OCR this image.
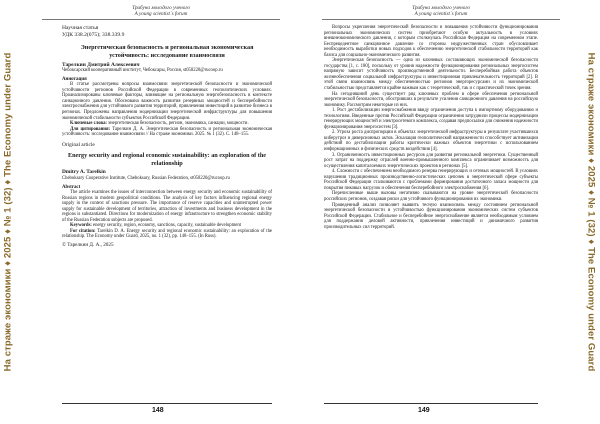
На страже экономики ♦ 2025 ♦ № 1 (32) ♦ The Economy under Guard	На страже экономики ♦ 2025 ♦ № 1 (32) ♦ The Economy under Guard
Трибуна молодого ученого
A young scientist`s forum
Научная статья
УДК 338.2(075); 338.339.9
Энергетическая безопасность и региональная экономическая устойчивость: исследование взаимосвязи
Тарелкин Дмитрий Алексеевич
Чебоксарский кооперативный институт, Чебоксары, Россия, st058220@rucoop.ru
Аннотация
В статье рассмотрены вопросы взаимосвязи энергетической безопасности и экономической устойчивости регионов Российской Федерации в современных геополитических условиях. Проанализированы ключевые факторы, влияющие на региональную энергобезопасность в контексте санкционного давления. Обоснована важность развития резервных мощностей и бесперебойности электроснабжения для устойчивого развития территорий, привлечения инвестиций в развитие бизнеса в регионах. Предложены направления модернизации энергетической инфраструктуры для повышения экономической стабильности субъектов Российской Федерации.
Ключевые слова: энергетическая безопасность, регион, экономика, санкции, мощности.
Для цитирования: Тарелкин Д. А. Энергетическая безопасность и региональная экономическая устойчивость: исследование взаимосвязи // На страже экономики. 2025. № 1 (32). С. 148–155.
Original article
Energy security and regional economic sustainability: an exploration of the relationship
Dmitry A. Tarelkin
Cheboksary Cooperative Institute, Cheboksary, Russian Federation, st058220@rucoop.ru
Abstract
The article examines the issues of interconnection between energy security and economic sustainability of Russian regions in modern geopolitical conditions. The analysis of key factors influencing regional energy supply in the context of sanctions pressure. The importance of reserve capacities and uninterrupted power supply for sustainable development of territories, attraction of investments and business development in the regions is substantiated. Directions for modernization of energy infrastructure to strengthen economic stability of the Russian Federation subjects are proposed.
Keywords: energy security, region, economy, sanctions, capacity, sustainable development
For citation: Tarelkin D. A. Energy security and regional economic sustainability: an exploration of the relationship. The Economy under Guard, 2025, no. 1 (32), pp. 148–155. (In Russ).
© Тарелкин Д. А., 2025
148
Трибуна молодого ученого
A young scientist`s forum
Вопросы укрепления энергетической безопасности и повышения устойчивости функционирования региональных экономических систем приобретают особую актуальность в условиях внешнеэкономического давления, с которым столкнулась Российская Федерация на современном этапе. Беспрецедентное санкционное давление со стороны недружественных стран обусловливает необходимость выработки новых подходов к обеспечению энергетической стабильности территорий как базиса для социально-экономического развития.
Энергетическая безопасность — одна из ключевых составляющих экономической безопасности государства [1, с. 180], поскольку от уровня надежности функционирования региональных энергосистем напрямую зависит устойчивость производственной деятельности. Бесперебойная работа объектов жизнеобеспечения социальной инфраструктуры и инвестиционная привлекательность территорий [2]. В этой связи взаимосвязь между обеспеченностью регионов энергоресурсами и их экономической стабильностью представляется крайне важным как с теоретической, так и с практической точек зрения.
На сегодняшний день существует ряд ключевых проблем в сфере обеспечения региональной энергетической безопасности, обостривших в результате усиления санкционного давления на российскую экономику. Рассмотрим некоторые из них.
1. Рост дестабилизации энергоснабжения ввиду ограничения доступа к импортному оборудованию и технологиям. Введенные против Российской Федерации ограничения затруднили процессы модернизации генерирующих мощностей и электросетевого комплекса, создавая предпосылки для снижения надежности функционирования энергосистем [3].
2. Угроза роста диспропорции в объектах энергетической инфраструктуры в результате участившихся киберугроз и диверсионных актов. Эскалация геополитической напряженности способствует активизации действий по дестабилизации работы критически важных объектов энергетики с использованием информационных и физических средств воздействия [4].
3. Ограниченность инвестиционных ресурсов для развития региональной энергетики. Существенный рост затрат на поддержку отраслей военно-промышленного комплекса ограничивает возможность для осуществления капиталоемких энергетических проектов в регионах [5].
4. Сложности с обеспечением необходимого резерва генерирующих и сетевых мощностей. В условиях нарушения традиционных производственно-логистических цепочек в энергетической сфере субъекты Российской Федерации сталкиваются с проблемами формирования достаточного запаса мощности для покрытия пиковых нагрузок и обеспечения бесперебойного электроснабжения [6].
Перечисленные выше вызовы негативно сказываются на уровне энергетической безопасности российских регионов, создавая риски для устойчивого функционирования их экономики.
Проведенный анализ позволяет выявить тесную взаимосвязь между состоянием региональной энергетической безопасности и устойчивостью функционирования экономических систем субъектов Российской Федерации. Стабильное и бесперебойное энергоснабжение является необходимым условием для поддержания деловой активности, привлечения инвестиций и динамичного развития производительных сил территорий.
149
